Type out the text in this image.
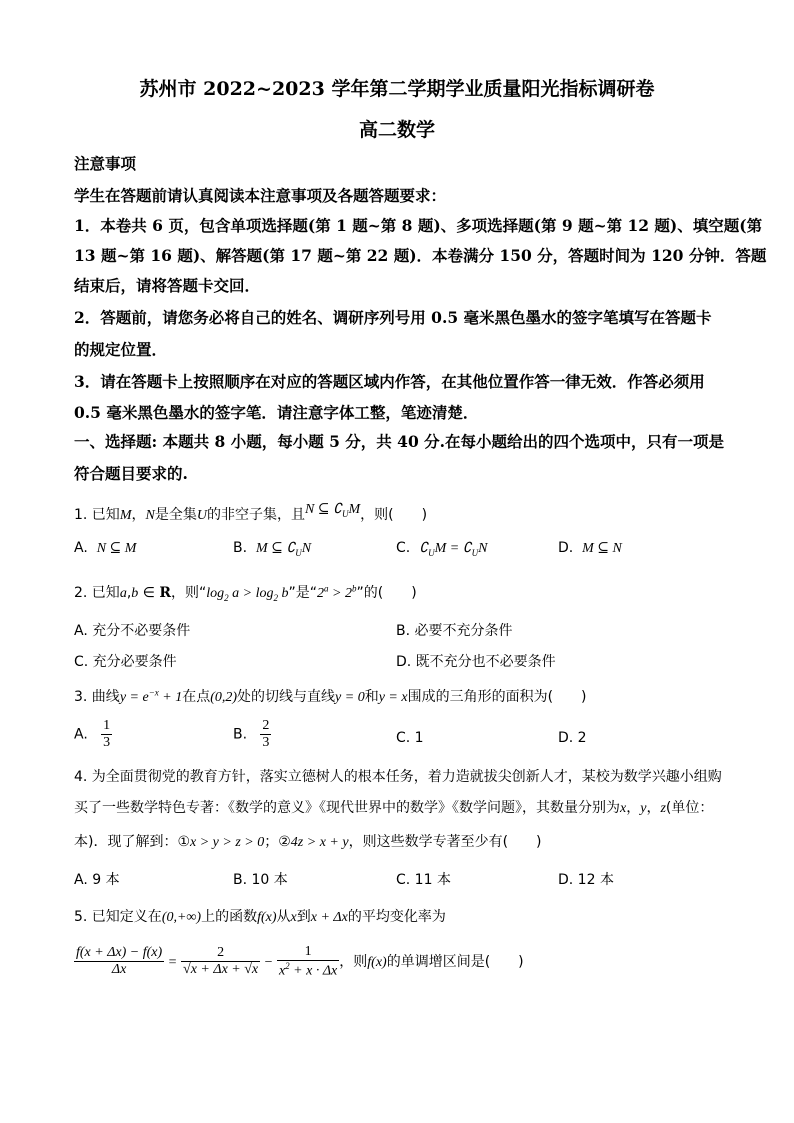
苏州市 2022~2023 学年第二学期学业质量阳光指标调研卷
高二数学
注意事项
学生在答题前请认真阅读本注意事项及各题答题要求：
1．本卷共 6 页，包含单项选择题(第 1 题~第 8 题)、多项选择题(第 9 题~第 12 题)、填空题(第
13 题~第 16 题)、解答题(第 17 题~第 22 题)．本卷满分 150 分，答题时间为 120 分钟．答题
结束后，请将答题卡交回．
2．答题前，请您务必将自己的姓名、调研序列号用 0.5 毫米黑色墨水的签字笔填写在答题卡
的规定位置．
3．请在答题卡上按照顺序在对应的答题区域内作答，在其他位置作答一律无效．作答必须用
0.5 毫米黑色墨水的签字笔．请注意字体工整，笔迹清楚．
一、选择题: 本题共 8 小题，每小题 5 分，共 40 分.在每小题给出的四个选项中，只有一项是
符合题目要求的.
1. 已知M，N是全集U的非空子集，且N ⊆ $∁_UM$，则(　　)
A. N ⊆ M	B. M ⊆ $∁_UN$	C. $∁_UM$ = $∁_UN$	D. M ⊆ N
2. 已知a,b ∈ R，则“$\log_2$ $a > \log_2 b$”是“$2^a > 2^b$”的(　　)
A. 充分不必要条件	B. 必要不充分条件
C. 充分必要条件	D. 既不充分也不必要条件
3. 曲线$y = e^{-x} + 1$在点(0,2)处的切线与直线y = 0和y = x围成的三角形的面积为(　　)
A. $\frac{1}{3}$	B. $\frac{2}{3}$	C. 1	D. 2
4. 为全面贯彻党的教育方针，落实立德树人的根本任务，着力造就拔尖创新人才，某校为数学兴趣小组购
买了一些数学特色专著：《数学的意义》《现代世界中的数学》《数学问题》，其数量分别为x，y，z(单位：
本)．现了解到：①x > y > z > 0；②4z > x + y，则这些数学专著至少有(　　)
A. 9 本	B. 10 本	C. 11 本	D. 12 本
5. 已知定义在(0,+∞)上的函数f(x)从x到x + Δx的平均变化率为
$\frac{f(x + \Delta x) - f(x)}{\Delta x} = \frac{2}{√x + \Delta x + √x} - \frac{1}{x^2 + x \cdot \Delta x}$ ，则f(x)的单调增区间是(　　)
